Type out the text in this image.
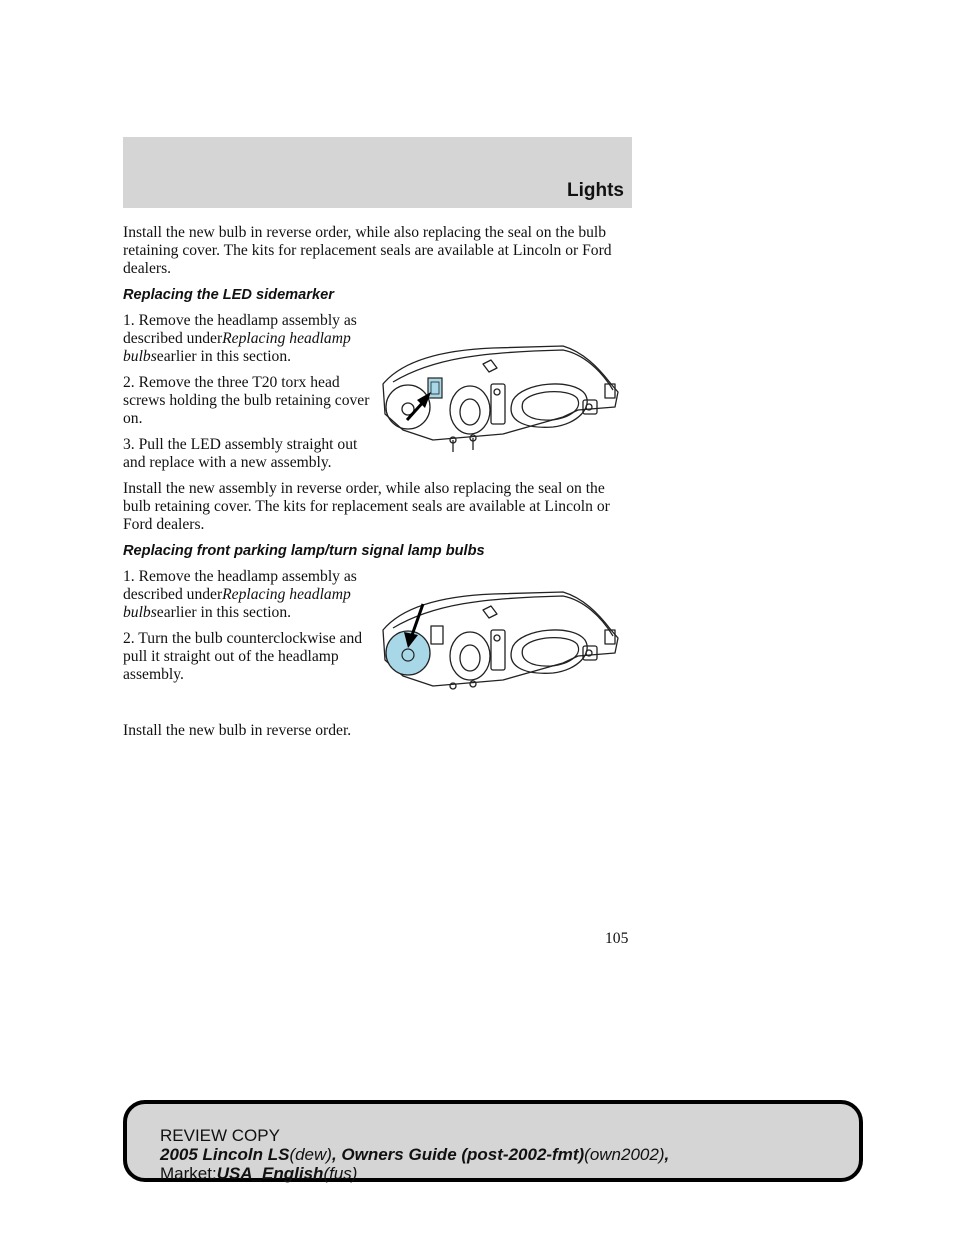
Lights

Install the new bulb in reverse order, while also replacing the seal on the bulb retaining cover. The kits for replacement seals are available at Lincoln or Ford dealers.

Replacing the LED sidemarker

1. Remove the headlamp assembly as described underReplacing headlamp bulbsearlier in this section.

2. Remove the three T20 torx head screws holding the bulb retaining cover on.

3. Pull the LED assembly straight out and replace with a new assembly.

Install the new assembly in reverse order, while also replacing the seal on the bulb retaining cover. The kits for replacement seals are available at Lincoln or Ford dealers.

Replacing front parking lamp/turn signal lamp bulbs

1. Remove the headlamp assembly as described underReplacing headlamp bulbsearlier in this section.

2. Turn the bulb counterclockwise and pull it straight out of the headlamp assembly.

Install the new bulb in reverse order.

105
REVIEW COPY
2005 Lincoln LS(dew), Owners Guide (post-2002-fmt)(own2002),
Market:USA_English(fus)
